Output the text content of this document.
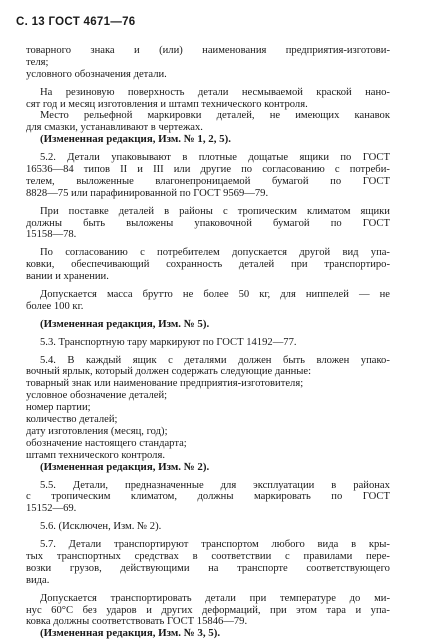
С. 13 ГОСТ 4671—76
товарного знака и (или) наименования предприятия-изготови-
теля;
условного обозначения детали.
На резиновую поверхность детали несмываемой краской нано-
сят год и месяц изготовления и штамп технического контроля.
Место рельефной маркировки деталей, не имеющих канавок
для смазки, устанавливают в чертежах.
(Измененная редакция, Изм. № 1, 2, 5).
5.2. Детали упаковывают в плотные дощатые ящики по ГОСТ
16536—84 типов II и III или другие по согласованию с потреби-
телем, выложенные влагонепроницаемой бумагой по ГОСТ
8828—75 или парафинированной по ГОСТ 9569—79.
При поставке деталей в районы с тропическим климатом ящики
должны быть выложены упаковочной бумагой по ГОСТ
15158—78.
По согласованию с потребителем допускается другой вид упа-
ковки, обеспечивающий сохранность деталей при транспортиро-
вании и хранении.
Допускается масса брутто не более 50 кг, для ниппелей — не
более 100 кг.
(Измененная редакция, Изм. № 5).
5.3. Транспортную тару маркируют по ГОСТ 14192—77.
5.4. В каждый ящик с деталями должен быть вложен упако-
вочный ярлык, который должен содержать следующие данные:
товарный знак или наименование предприятия-изготовителя;
условное обозначение деталей;
номер партии;
количество деталей;
дату изготовления (месяц, год);
обозначение настоящего стандарта;
штамп технического контроля.
(Измененная редакция, Изм. № 2).
5.5. Детали, предназначенные для эксплуатации в районах
с тропическим климатом, должны маркировать по ГОСТ
15152—69.
5.6. (Исключен, Изм. № 2).
5.7. Детали транспортируют транспортом любого вида в кры-
тых транспортных средствах в соответствии с правилами пере-
возки грузов, действующими на транспорте соответствующего
вида.
Допускается транспортировать детали при температуре до ми-
нус 60°С без ударов и других деформаций, при этом тара и упа-
ковка должны соответствовать ГОСТ 15846—79.
(Измененная редакция, Изм. № 3, 5).
